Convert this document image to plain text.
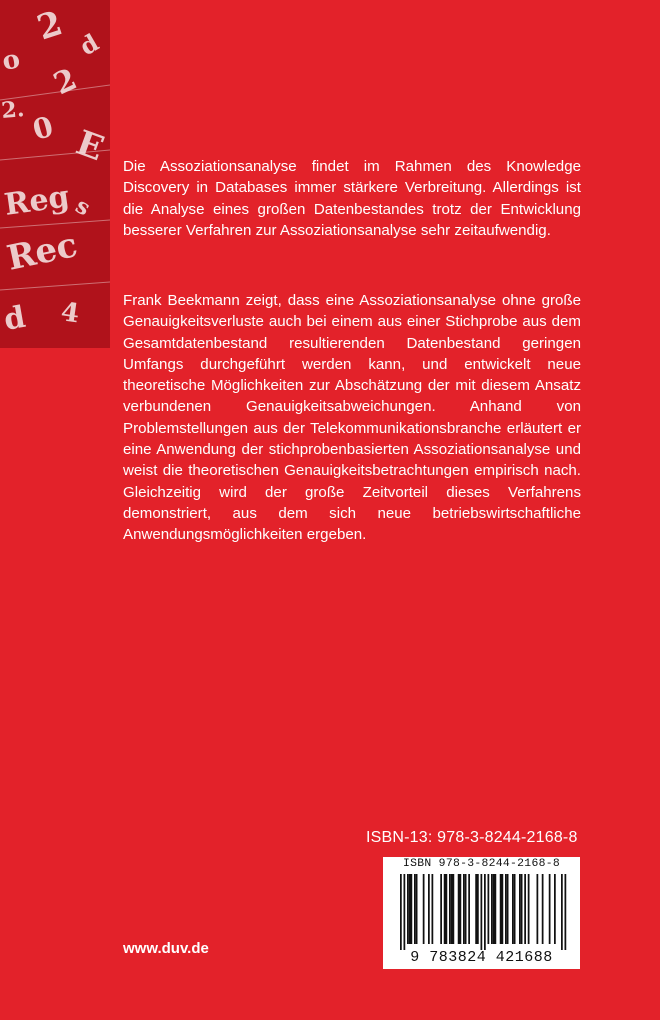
2
o
2
2. 0 E
Reg
Rec
d 4
s
d

Die Assoziationsanalyse findet im Rahmen des Knowledge Discovery in Databases immer stärkere Verbreitung. Allerdings ist die Analyse eines großen Datenbestandes trotz der Entwicklung besserer Verfahren zur Assoziationsanalyse sehr zeitaufwendig.

Frank Beekmann zeigt, dass eine Assoziationsanalyse ohne große Genauigkeitsverluste auch bei einem aus einer Stichprobe aus dem Gesamtdatenbestand resultierenden Datenbestand geringen Umfangs durchgeführt werden kann, und entwickelt neue theoretische Möglichkeiten zur Abschätzung der mit diesem Ansatz verbundenen Genauigkeitsabweichungen. Anhand von Problemstellungen aus der Telekommunikationsbranche erläutert er eine Anwendung der stichprobenbasierten Assoziationsanalyse und weist die theoretischen Genauigkeitsbetrachtungen empirisch nach. Gleichzeitig wird der große Zeitvorteil dieses Verfahrens demonstriert, aus dem sich neue betriebswirtschaftliche Anwendungsmöglichkeiten ergeben.

ISBN-13: 978-3-8244-2168-8
ISBN 978-3-8244-2168-8
9 783824 421688
www.duv.de
